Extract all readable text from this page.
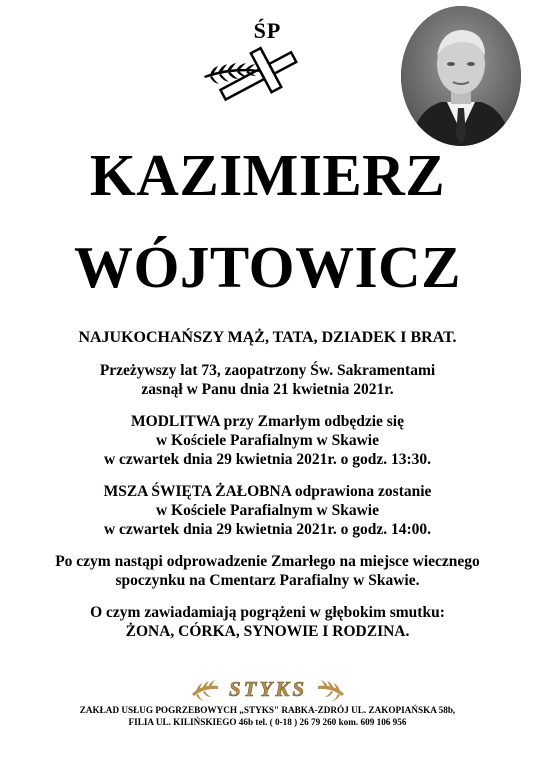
ŚP
KAZIMIERZ
WÓJTOWICZ
NAJUKOCHAŃSZY MĄŻ, TATA, DZIADEK I BRAT.
Przeżywszy lat 73, zaopatrzony Św. Sakramentami
zasnął w Panu dnia 21 kwietnia 2021r.
MODLITWA przy Zmarłym odbędzie się
w Kościele Parafialnym w Skawie
w czwartek dnia 29 kwietnia 2021r. o godz. 13:30.
MSZA ŚWIĘTA ŻAŁOBNA odprawiona zostanie
w Kościele Parafialnym w Skawie
w czwartek dnia 29 kwietnia 2021r. o godz. 14:00.
Po czym nastąpi odprowadzenie Zmarłego na miejsce wiecznego
spoczynku na Cmentarz Parafialny w Skawie.
O czym zawiadamiają pogrążeni w głębokim smutku:
ŻONA, CÓRKA, SYNOWIE I RODZINA.
STYKS
ZAKŁAD USŁUG POGRZEBOWYCH „STYKS" RABKA-ZDRÓJ UL. ZAKOPIAŃSKA 58b,
FILIA UL. KILIŃSKIEGO 46b tel. ( 0-18 ) 26 79 260 kom. 609 106 956
